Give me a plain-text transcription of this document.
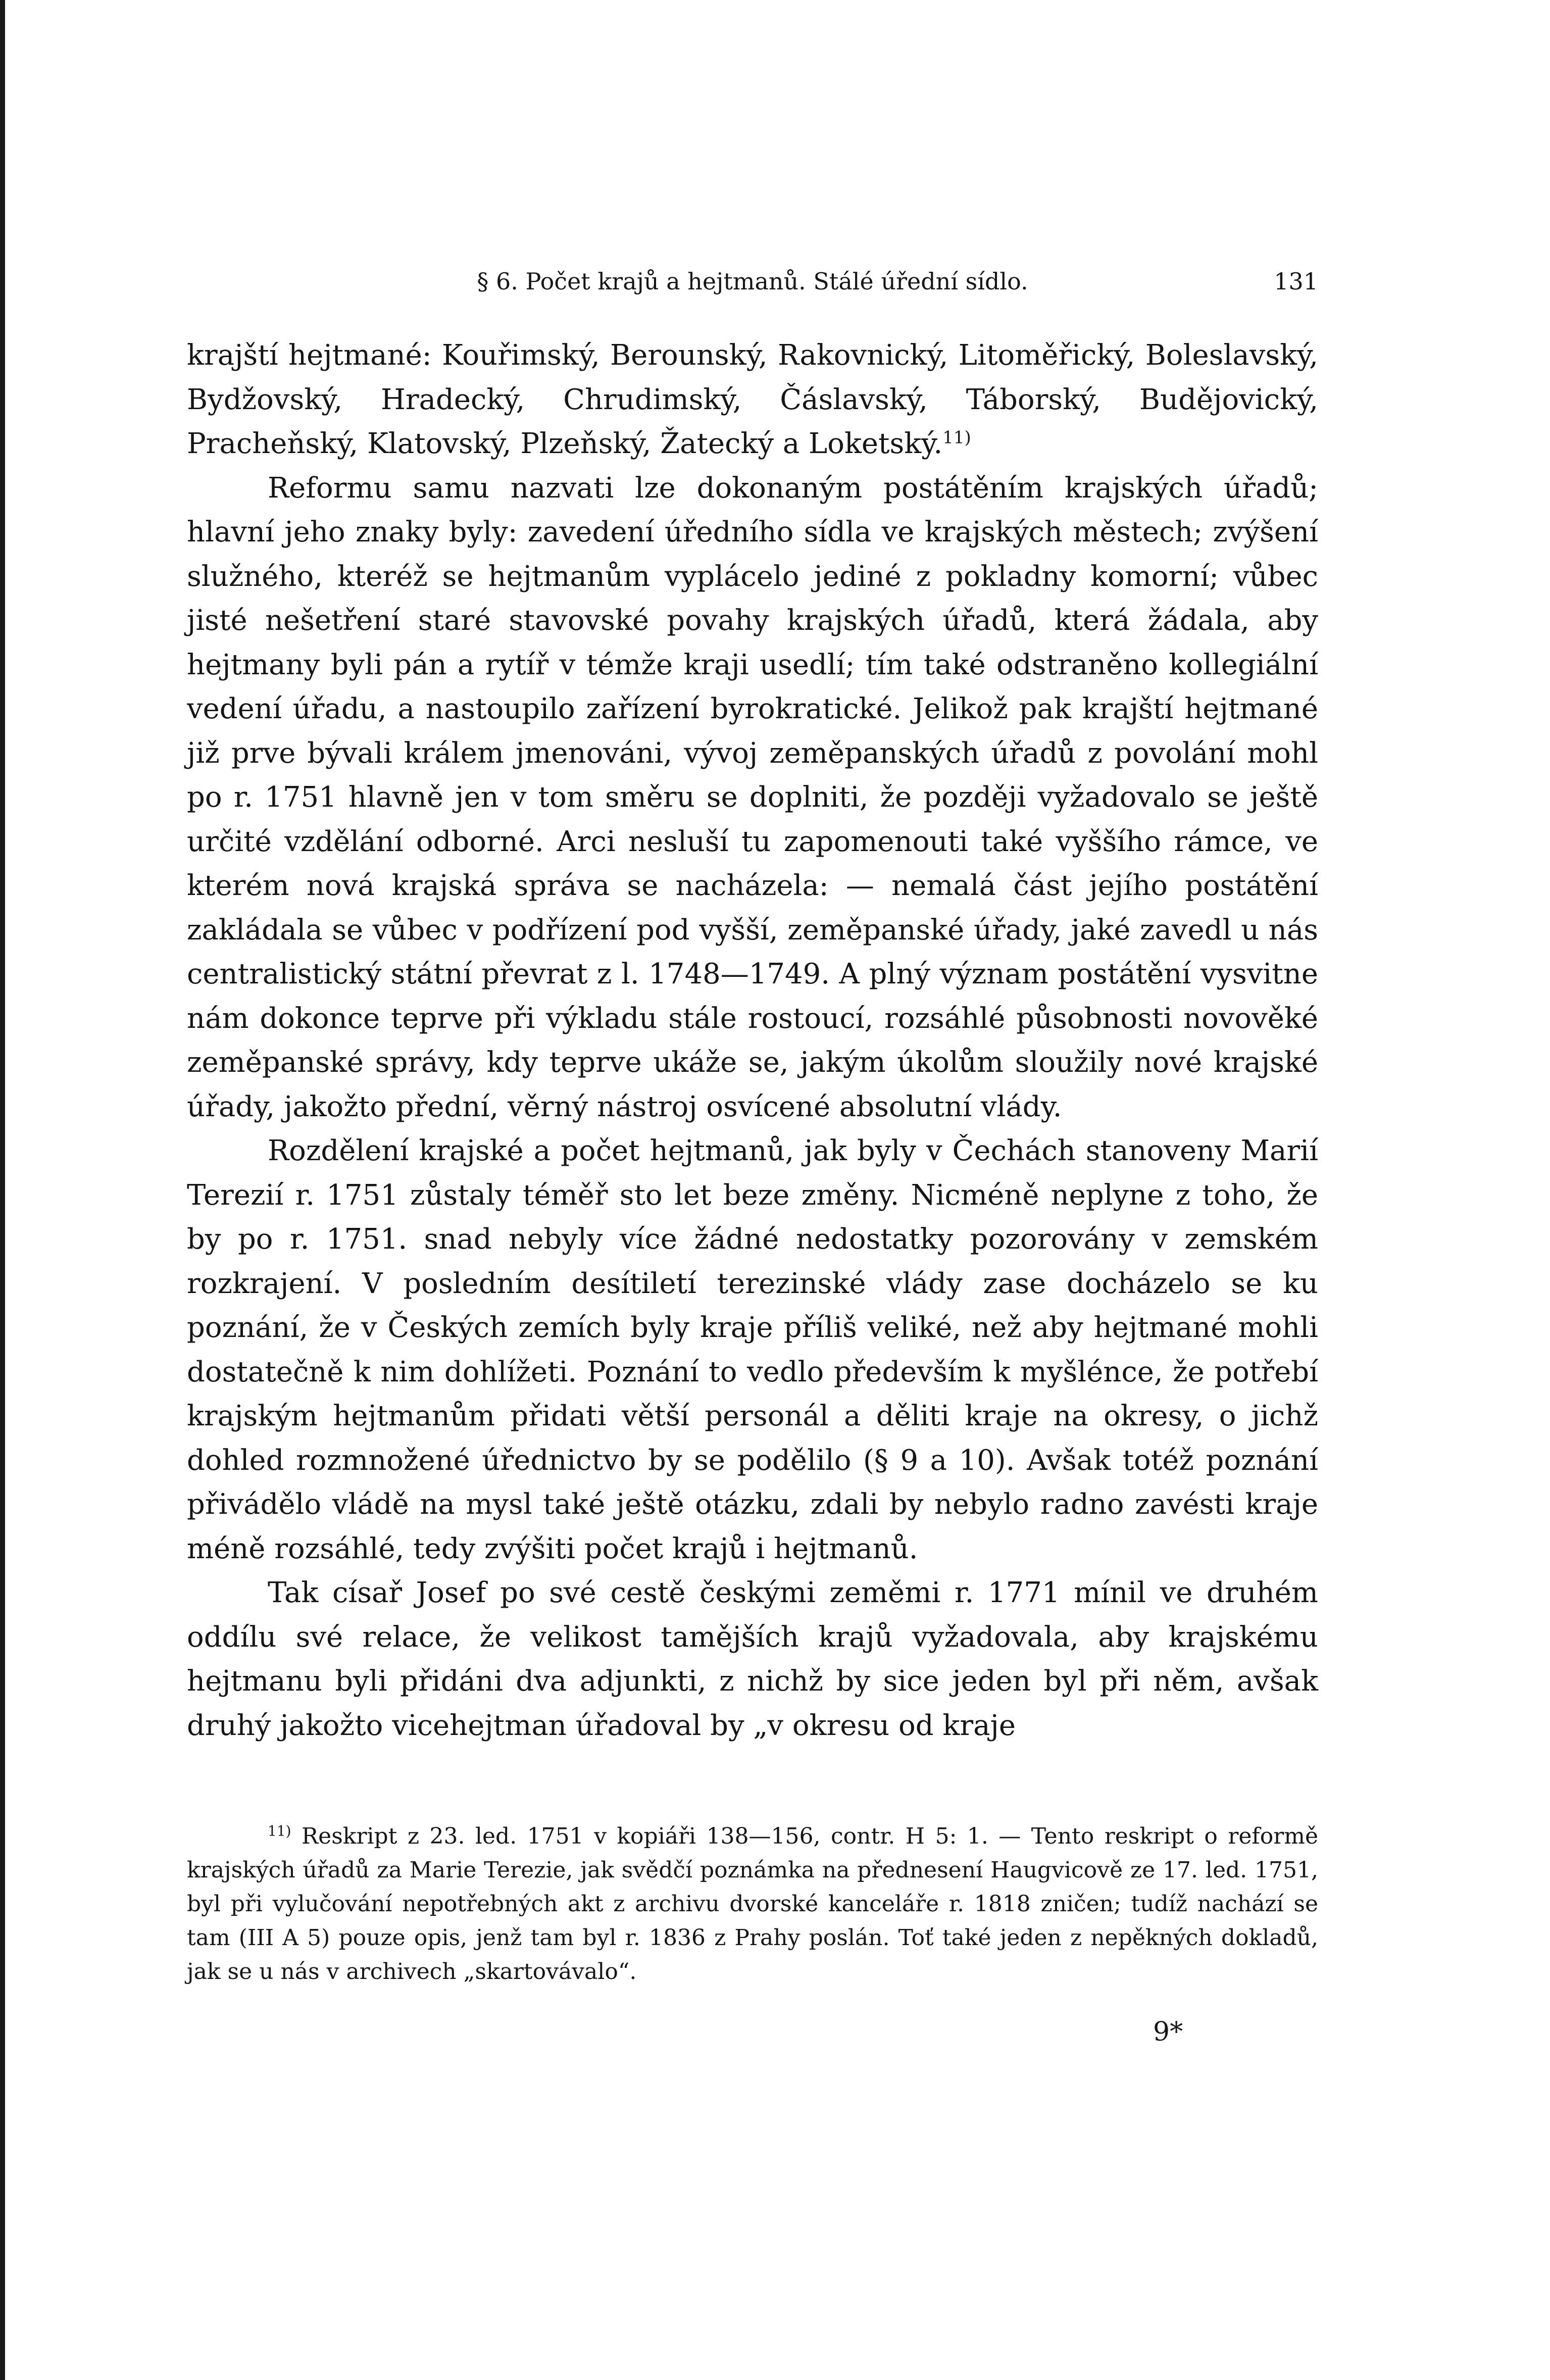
§ 6. Počet krajů a hejtmanů. Stálé úřední sídlo.	131

krajští hejtmané: Kouřimský, Berounský, Rakovnický, Litoměřický, Boleslavský, Bydžovský, Hradecký, Chrudimský, Čáslavský, Táborský, Budějovický, Pracheňský, Klatovský, Plzeňský, Žatecký a Loketský.$^{11)}$

Reformu samu nazvati lze dokonaným postátěním krajských úřadů; hlavní jeho znaky byly: zavedení úředního sídla ve krajských městech; zvýšení služného, kteréž se hejtmanům vyplácelo jediné z pokladny komorní; vůbec jisté nešetření staré stavovské povahy krajských úřadů, která žádala, aby hejtmany byli pán a rytíř v témže kraji usedlí; tím také odstraněno kollegiální vedení úřadu, a nastoupilo zařízení byrokratické. Jelikož pak krajští hejtmané již prve bývali králem jmenováni, vývoj zeměpanských úřadů z povolání mohl po r. 1751 hlavně jen v tom směru se doplniti, že později vyžadovalo se ještě určité vzdělání odborné. Arci nesluší tu zapomenouti také vyššího rámce, ve kterém nová krajská správa se nacházela: — nemalá část jejího postátění zakládala se vůbec v podřízení pod vyšší, zeměpanské úřady, jaké zavedl u nás centralistický státní převrat z l. 1748—1749. A plný význam postátění vysvitne nám dokonce teprve při výkladu stále rostoucí, rozsáhlé působnosti novověké zeměpanské správy, kdy teprve ukáže se, jakým úkolům sloužily nové krajské úřady, jakožto přední, věrný nástroj osvícené absolutní vlády.

Rozdělení krajské a počet hejtmanů, jak byly v Čechách stanoveny Marií Terezií r. 1751 zůstaly téměř sto let beze změny. Nicméně neplyne z toho, že by po r. 1751. snad nebyly více žádné nedostatky pozorovány v zemském rozkrajení. V posledním desítiletí terezinské vlády zase docházelo se ku poznání, že v Českých zemích byly kraje příliš veliké, než aby hejtmané mohli dostatečně k nim dohlížeti. Poznání to vedlo především k myšlénce, že potřebí krajským hejtmanům přidati větší personál a děliti kraje na okresy, o jichž dohled rozmnožené úřednictvo by se podělilo (§ 9 a 10). Avšak totéž poznání přivádělo vládě na mysl také ještě otázku, zdali by nebylo radno zavésti kraje méně rozsáhlé, tedy zvýšiti počet krajů i hejtmanů.

Tak císař Josef po své cestě českými zeměmi r. 1771 mínil ve druhém oddílu své relace, že velikost tamějších krajů vyžadovala, aby krajskému hejtmanu byli přidáni dva adjunkti, z nichž by sice jeden byl při něm, avšak druhý jakožto vicehejtman úřadoval by „v okresu od kraje

$^{11)}$ Reskript z 23. led. 1751 v kopiáři 138—156, contr. H 5: 1. — Tento reskript o reformě krajských úřadů za Marie Terezie, jak svědčí poznámka na přednesení Haugvicově ze 17. led. 1751, byl při vylučování nepotřebných akt z archivu dvorské kanceláře r. 1818 zničen; tudíž nachází se tam (III A 5) pouze opis, jenž tam byl r. 1836 z Prahy poslán. Toť také jeden z nepěkných dokladů, jak se u nás v archivech „skartovávalo“.

9*
